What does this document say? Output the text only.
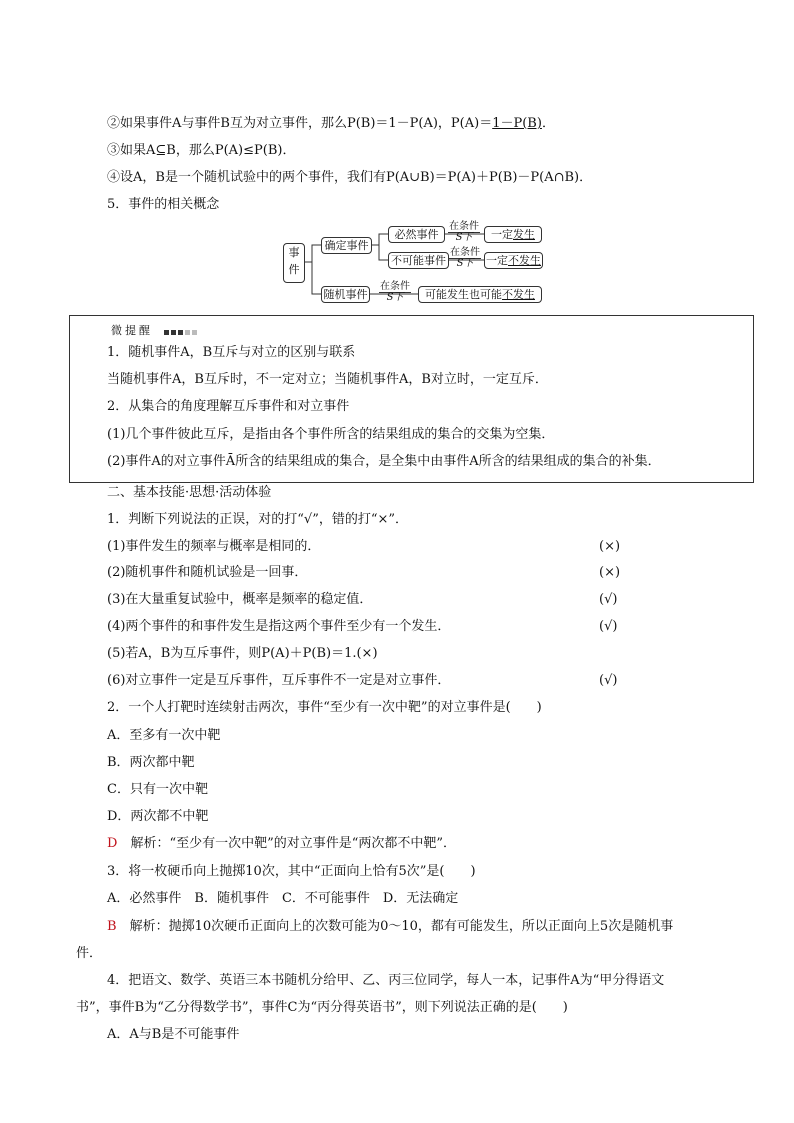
②如果事件A与事件B互为对立事件，那么P(B)＝1－P(A)，P(A)＝1－P(B)．
③如果A⊆B，那么P(A)≤P(B)．
④设A，B是一个随机试验中的两个事件，我们有P(A∪B)＝P(A)＋P(B)－P(A∩B)．
5．事件的相关概念
事件
确定事件
必然事件
不可能事件
随机事件
在条件
S下
在条件
S下
在条件
S下
一定发生
一定不发生
可能发生也可能不发生
微提醒
1．随机事件A，B互斥与对立的区别与联系
当随机事件A，B互斥时，不一定对立；当随机事件A，B对立时，一定互斥．
2．从集合的角度理解互斥事件和对立事件
(1)几个事件彼此互斥，是指由各个事件所含的结果组成的集合的交集为空集．
(2)事件A的对立事件Ā所含的结果组成的集合，是全集中由事件A所含的结果组成的集合的补集．
二、基本技能·思想·活动体验
1．判断下列说法的正误，对的打“√”，错的打“×”．
(1)事件发生的频率与概率是相同的．	(×)
(2)随机事件和随机试验是一回事．	(×)
(3)在大量重复试验中，概率是频率的稳定值．	(√)
(4)两个事件的和事件发生是指这两个事件至少有一个发生．	(√)
(5)若A，B为互斥事件，则P(A)＋P(B)＝1.(×)
(6)对立事件一定是互斥事件，互斥事件不一定是对立事件．	(√)
2．一个人打靶时连续射击两次，事件“至少有一次中靶”的对立事件是(　　)
A．至多有一次中靶
B．两次都中靶
C．只有一次中靶
D．两次都不中靶
D　 解析：“至少有一次中靶”的对立事件是“两次都不中靶”．
3．将一枚硬币向上抛掷10次，其中“正面向上恰有5次”是(　　)
A．必然事件　B．随机事件　C．不可能事件　D．无法确定
B　 解析：抛掷10次硬币正面向上的次数可能为0～10，都有可能发生，所以正面向上5次是随机事
件．
4．把语文、数学、英语三本书随机分给甲、乙、丙三位同学，每人一本，记事件A为“甲分得语文
书”，事件B为“乙分得数学书”，事件C为“丙分得英语书”，则下列说法正确的是(　　)
A．A与B是不可能事件
